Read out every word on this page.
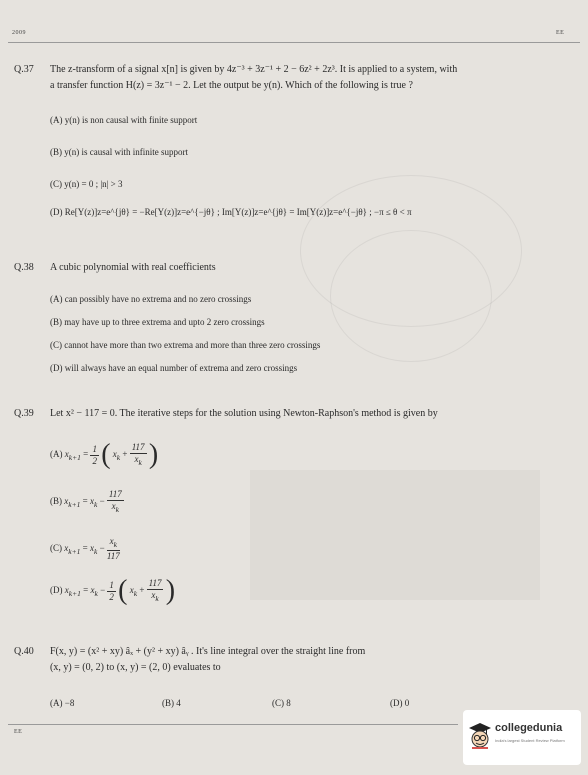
2009	EE
Q.37 The z-transform of a signal x[n] is given by 4z⁻³ + 3z⁻¹ + 2 − 6z² + 2z³. It is applied to a system, with
a transfer function H(z) = 3z⁻¹ − 2. Let the output be y(n). Which of the following is true ?
(A) y(n) is non causal with finite support
(B) y(n) is causal with infinite support
(C) y(n) = 0 ; |n| > 3
(D) Re[Y(z)]z=e^{jθ} = −Re[Y(z)]z=e^{−jθ} ; Im[Y(z)]z=e^{jθ} = Im[Y(z)]z=e^{−jθ} ; −π ≤ θ < π
Q.38 A cubic polynomial with real coefficients
(A) can possibly have no extrema and no zero crossings
(B) may have up to three extrema and upto 2 zero crossings
(C) cannot have more than two extrema and more than three zero crossings
(D) will always have an equal number of extrema and zero crossings
Q.39 Let x² − 117 = 0. The iterative steps for the solution using Newton-Raphson's method is given by
(A) $x_{k+1} = \frac{1}{2}$ ( $x_k + \frac{117}{x_k}$ )
(B) $x_{k+1} = x_k - \frac{117}{x_k}$
(C) $x_{k+1} = x_k - \frac{x_k}{117}$
(D) $x_{k+1} = x_k - \frac{1}{2}$ ( $x_k + \frac{117}{x_k}$ )
Q.40 F(x, y) = (x² + xy) âₓ + (y² + xy) âᵧ . It's line integral over the straight line from
(x, y) = (0, 2) to (x, y) = (2, 0) evaluates to
(A) −8	(B) 4	(C) 8	(D) 0
EE	collegedunia
India's largest Student Review Platform
